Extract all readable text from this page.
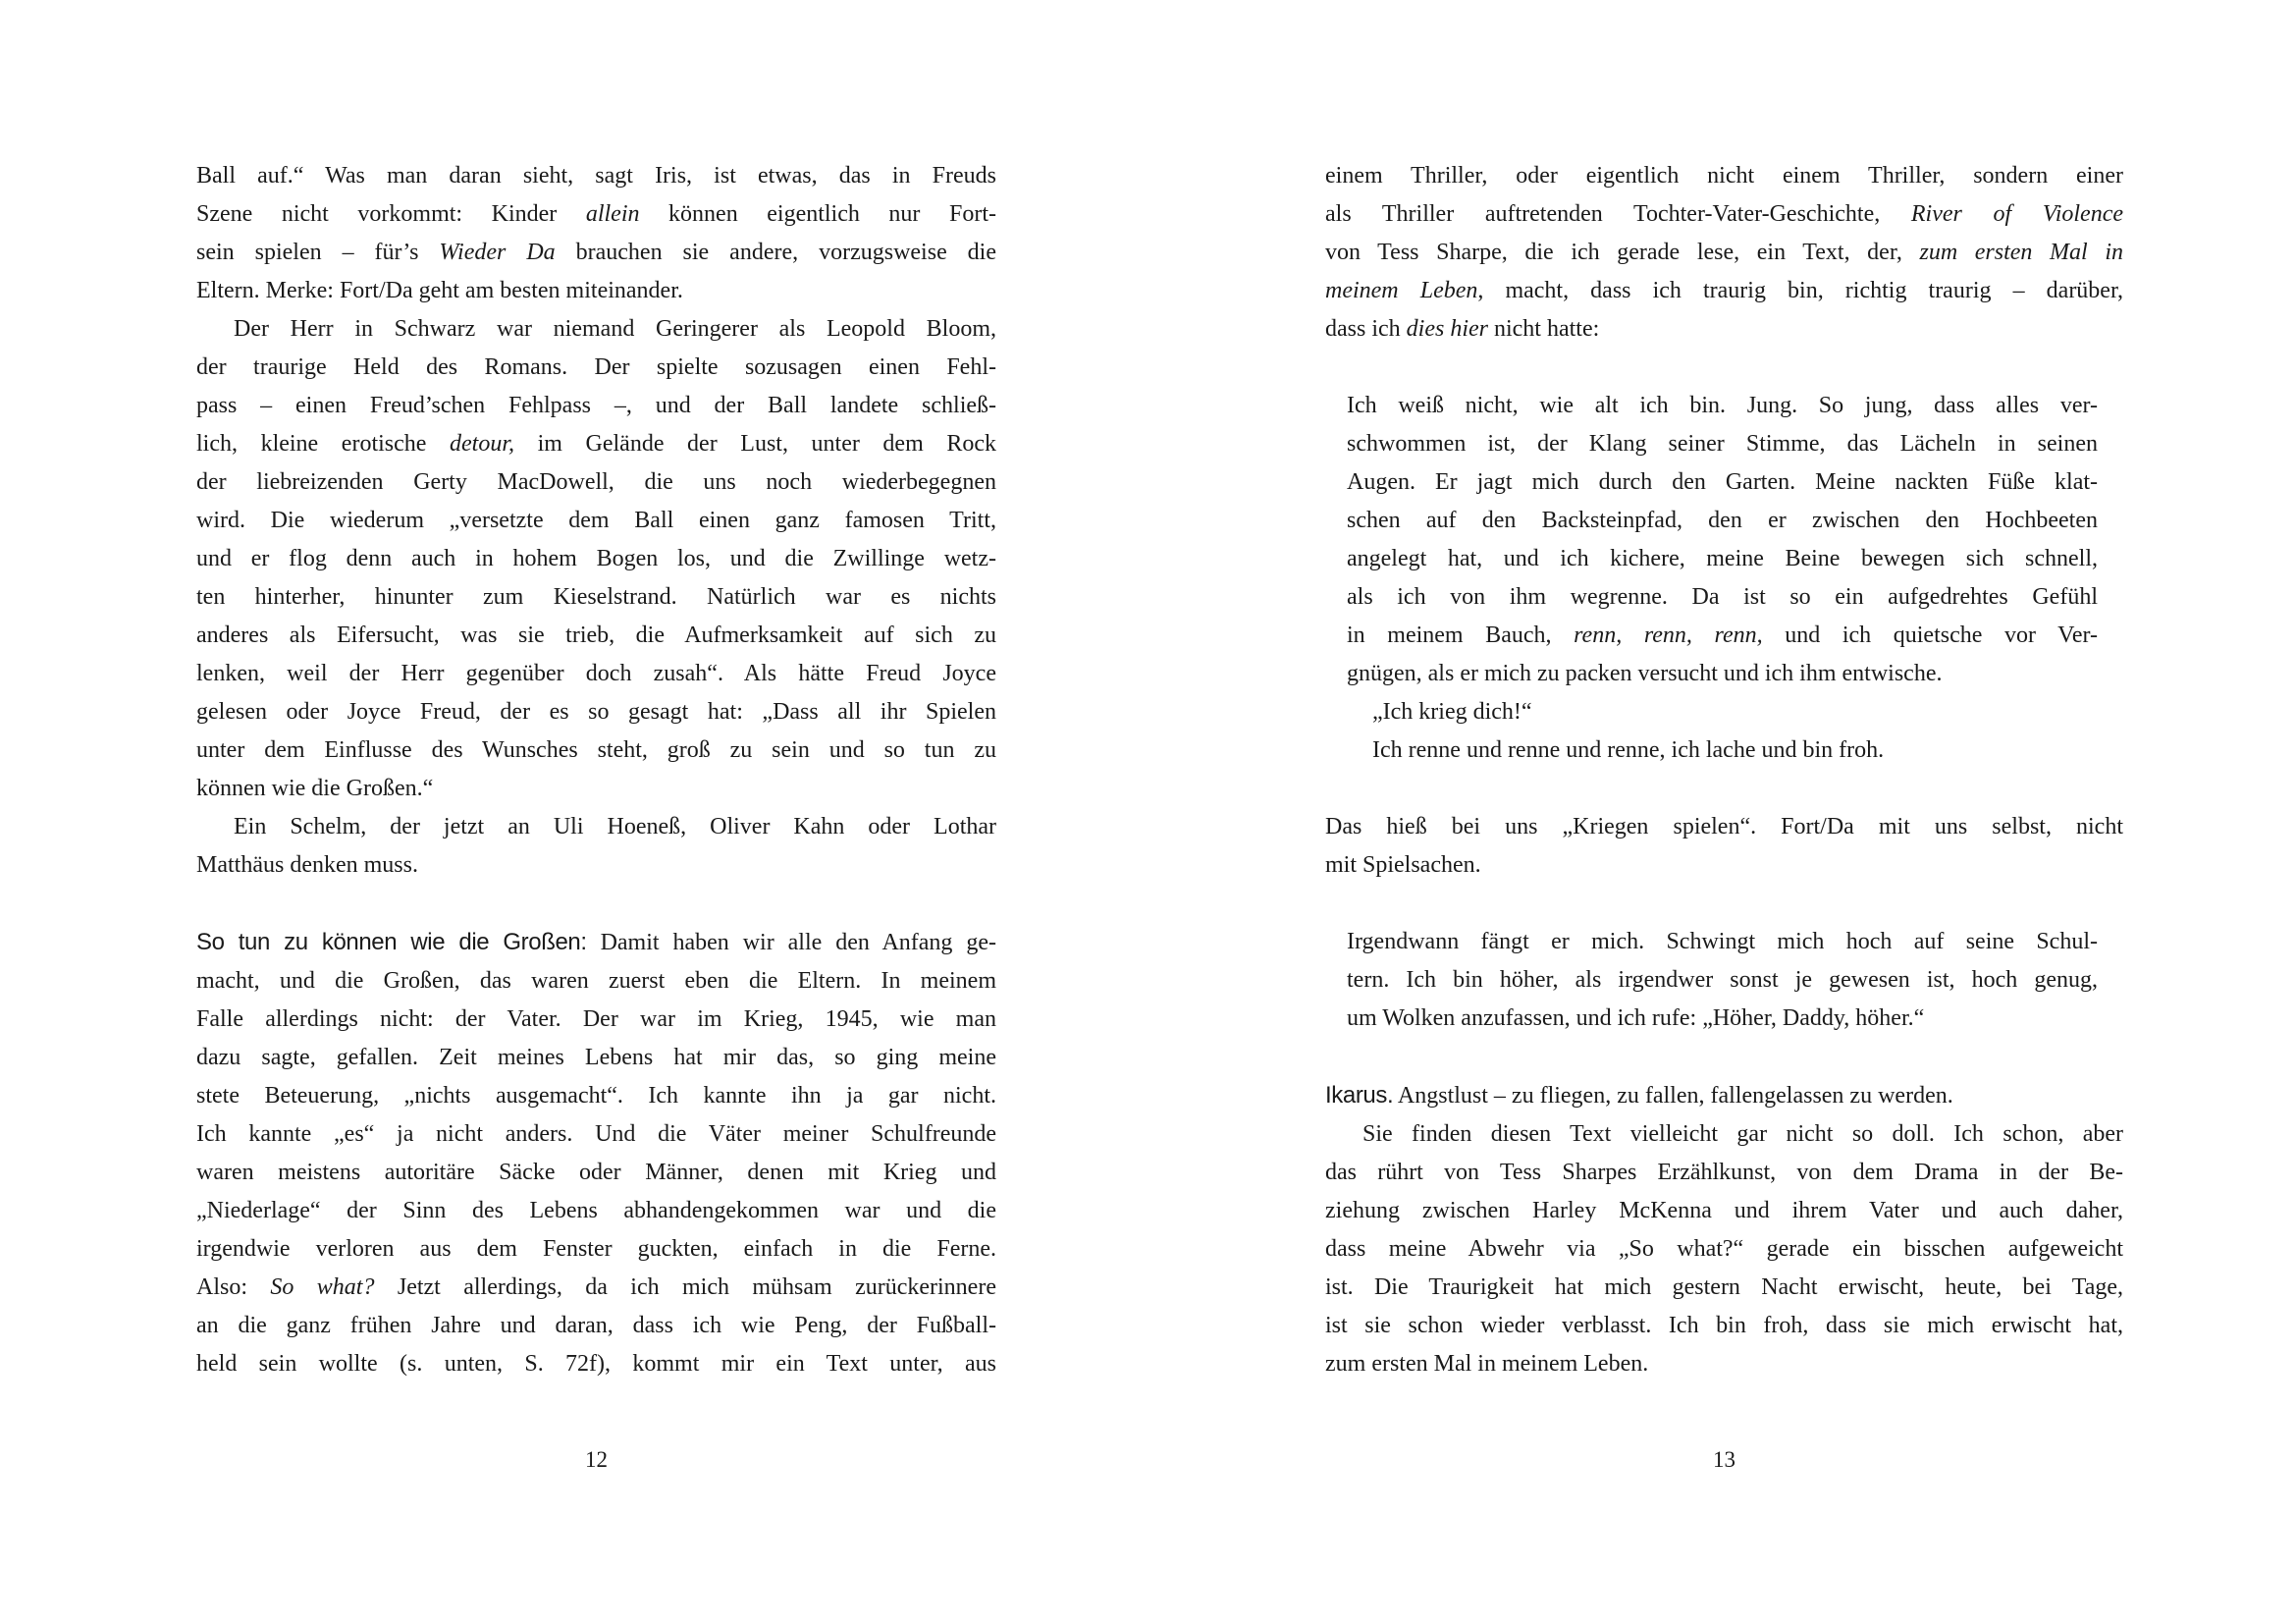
Ball auf.“ Was man daran sieht, sagt Iris, ist etwas, das in Freuds
Szene nicht vorkommt: Kinder allein können eigentlich nur Fort-
sein spielen – für’s Wieder Da brauchen sie andere, vorzugsweise die
Eltern. Merke: Fort/Da geht am besten miteinander.
Der Herr in Schwarz war niemand Geringerer als Leopold Bloom,
der traurige Held des Romans. Der spielte sozusagen einen Fehl-
pass – einen Freud’schen Fehlpass –, und der Ball landete schließ-
lich, kleine erotische detour, im Gelände der Lust, unter dem Rock
der liebreizenden Gerty MacDowell, die uns noch wiederbegegnen
wird. Die wiederum „versetzte dem Ball einen ganz famosen Tritt,
und er flog denn auch in hohem Bogen los, und die Zwillinge wetz-
ten hinterher, hinunter zum Kieselstrand. Natürlich war es nichts
anderes als Eifersucht, was sie trieb, die Aufmerksamkeit auf sich zu
lenken, weil der Herr gegenüber doch zusah“. Als hätte Freud Joyce
gelesen oder Joyce Freud, der es so gesagt hat: „Dass all ihr Spielen
unter dem Einflusse des Wunsches steht, groß zu sein und so tun zu
können wie die Großen.“
Ein Schelm, der jetzt an Uli Hoeneß, Oliver Kahn oder Lothar
Matthäus denken muss.
So tun zu können wie die Großen: Damit haben wir alle den Anfang ge-
macht, und die Großen, das waren zuerst eben die Eltern. In meinem
Falle allerdings nicht: der Vater. Der war im Krieg, 1945, wie man
dazu sagte, gefallen. Zeit meines Lebens hat mir das, so ging meine
stete Beteuerung, „nichts ausgemacht“. Ich kannte ihn ja gar nicht.
Ich kannte „es“ ja nicht anders. Und die Väter meiner Schulfreunde
waren meistens autoritäre Säcke oder Männer, denen mit Krieg und
„Niederlage“ der Sinn des Lebens abhandengekommen war und die
irgendwie verloren aus dem Fenster guckten, einfach in die Ferne.
Also: So what? Jetzt allerdings, da ich mich mühsam zurückerinnere
an die ganz frühen Jahre und daran, dass ich wie Peng, der Fußball-
held sein wollte (s. unten, S. 72f), kommt mir ein Text unter, aus
12
einem Thriller, oder eigentlich nicht einem Thriller, sondern einer
als Thriller auftretenden Tochter-Vater-Geschichte, River of Violence
von Tess Sharpe, die ich gerade lese, ein Text, der, zum ersten Mal in
meinem Leben, macht, dass ich traurig bin, richtig traurig – darüber,
dass ich dies hier nicht hatte:
Ich weiß nicht, wie alt ich bin. Jung. So jung, dass alles ver-
schwommen ist, der Klang seiner Stimme, das Lächeln in seinen
Augen. Er jagt mich durch den Garten. Meine nackten Füße klat-
schen auf den Backsteinpfad, den er zwischen den Hochbeeten
angelegt hat, und ich kichere, meine Beine bewegen sich schnell,
als ich von ihm wegrenne. Da ist so ein aufgedrehtes Gefühl
in meinem Bauch, renn, renn, renn, und ich quietsche vor Ver-
gnügen, als er mich zu packen versucht und ich ihm entwische.
„Ich krieg dich!“
Ich renne und renne und renne, ich lache und bin froh.
Das hieß bei uns „Kriegen spielen“. Fort/Da mit uns selbst, nicht
mit Spielsachen.
Irgendwann fängt er mich. Schwingt mich hoch auf seine Schul-
tern. Ich bin höher, als irgendwer sonst je gewesen ist, hoch genug,
um Wolken anzufassen, und ich rufe: „Höher, Daddy, höher.“
Ikarus. Angstlust – zu fliegen, zu fallen, fallengelassen zu werden.
Sie finden diesen Text vielleicht gar nicht so doll. Ich schon, aber
das rührt von Tess Sharpes Erzählkunst, von dem Drama in der Be-
ziehung zwischen Harley McKenna und ihrem Vater und auch daher,
dass meine Abwehr via „So what?“ gerade ein bisschen aufgeweicht
ist. Die Traurigkeit hat mich gestern Nacht erwischt, heute, bei Tage,
ist sie schon wieder verblasst. Ich bin froh, dass sie mich erwischt hat,
zum ersten Mal in meinem Leben.
13
